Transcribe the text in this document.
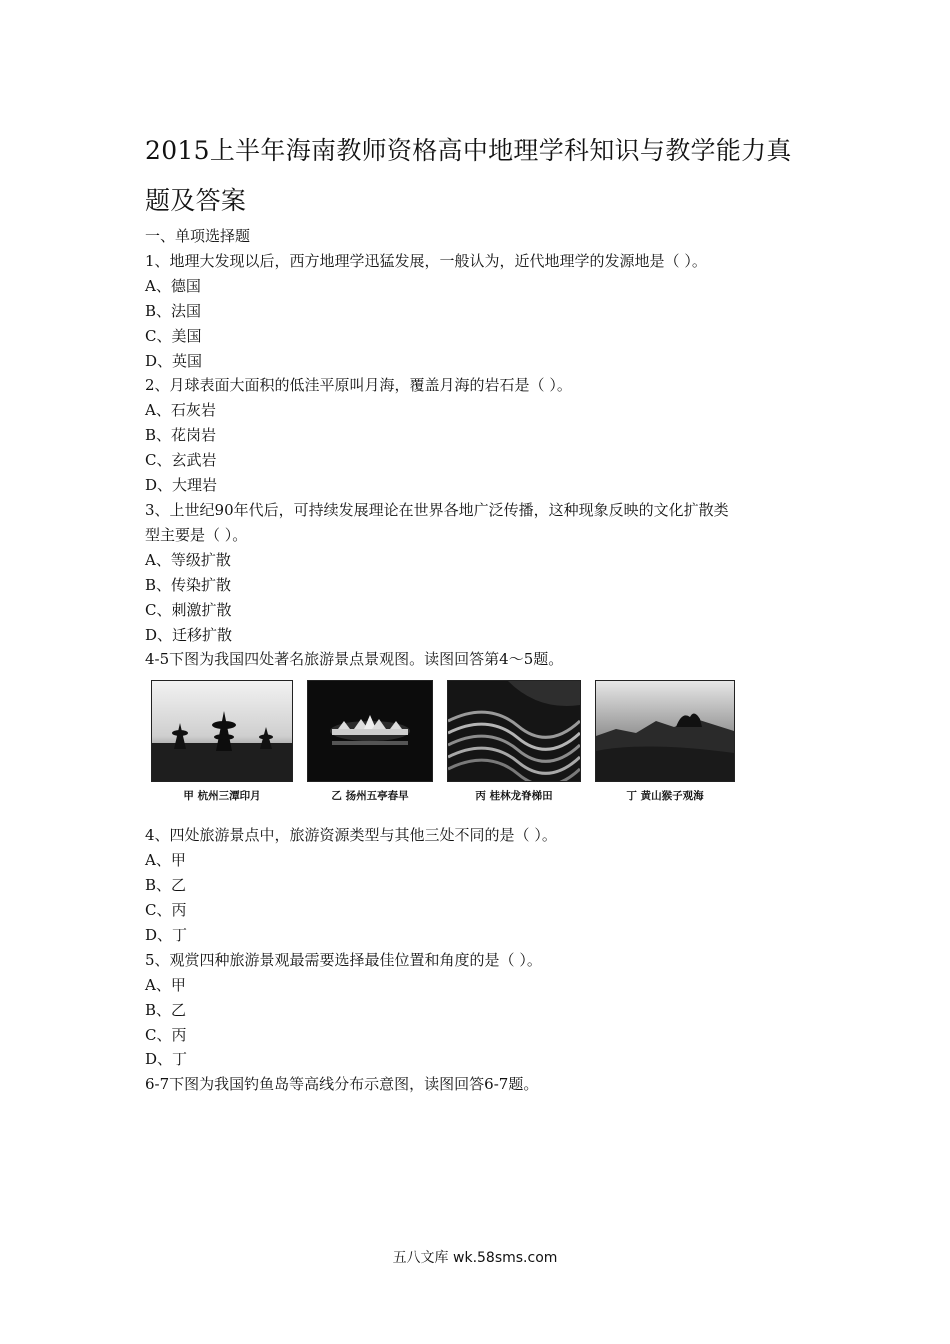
2015上半年海南教师资格高中地理学科知识与教学能力真
题及答案
一、单项选择题
1、地理大发现以后，西方地理学迅猛发展，一般认为，近代地理学的发源地是（ ）。
A、德国
B、法国
C、美国
D、英国
2、月球表面大面积的低洼平原叫月海，覆盖月海的岩石是（ ）。
A、石灰岩
B、花岗岩
C、玄武岩
D、大理岩
3、上世纪90年代后，可持续发展理论在世界各地广泛传播，这种现象反映的文化扩散类
型主要是（ ）。
A、等级扩散
B、传染扩散
C、刺激扩散
D、迁移扩散
4-5下图为我国四处著名旅游景点景观图。读图回答第4～5题。
甲 杭州三潭印月	乙 扬州五亭春早	丙 桂林龙脊梯田	丁 黄山猴子观海
4、四处旅游景点中，旅游资源类型与其他三处不同的是（ ）。
A、甲
B、乙
C、丙
D、丁
5、观赏四种旅游景观最需要选择最佳位置和角度的是（ ）。
A、甲
B、乙
C、丙
D、丁
6-7下图为我国钓鱼岛等高线分布示意图，读图回答6-7题。
五八文库 wk.58sms.com
